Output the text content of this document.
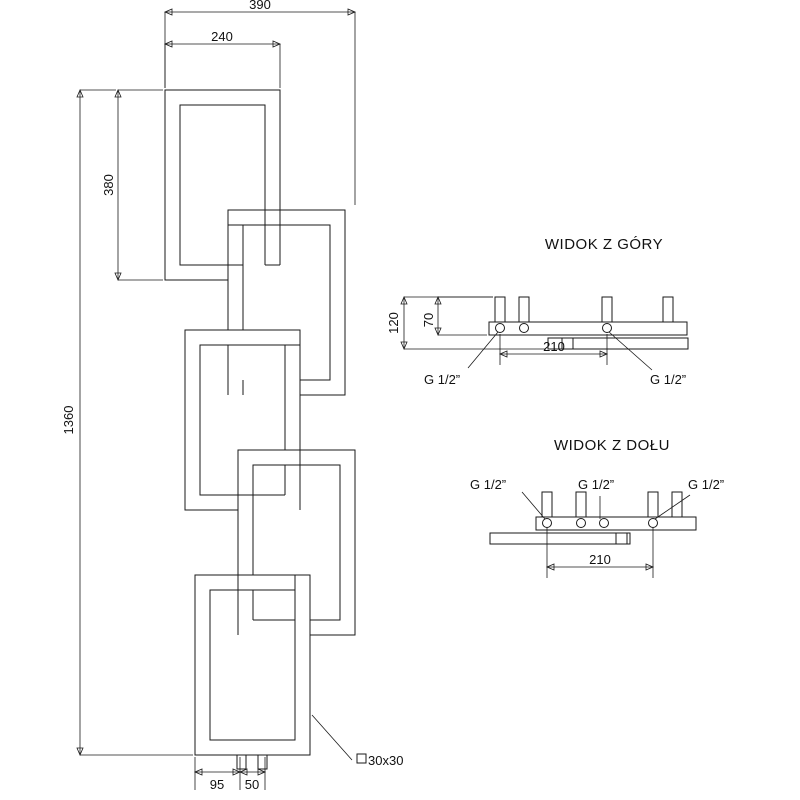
390
240
380
1360
95 50
30x30
WIDOK Z GÓRY
120 70
210
G 1/2”	G 1/2”
WIDOK Z DOŁU
210
G 1/2”	G 1/2”	G 1/2”
